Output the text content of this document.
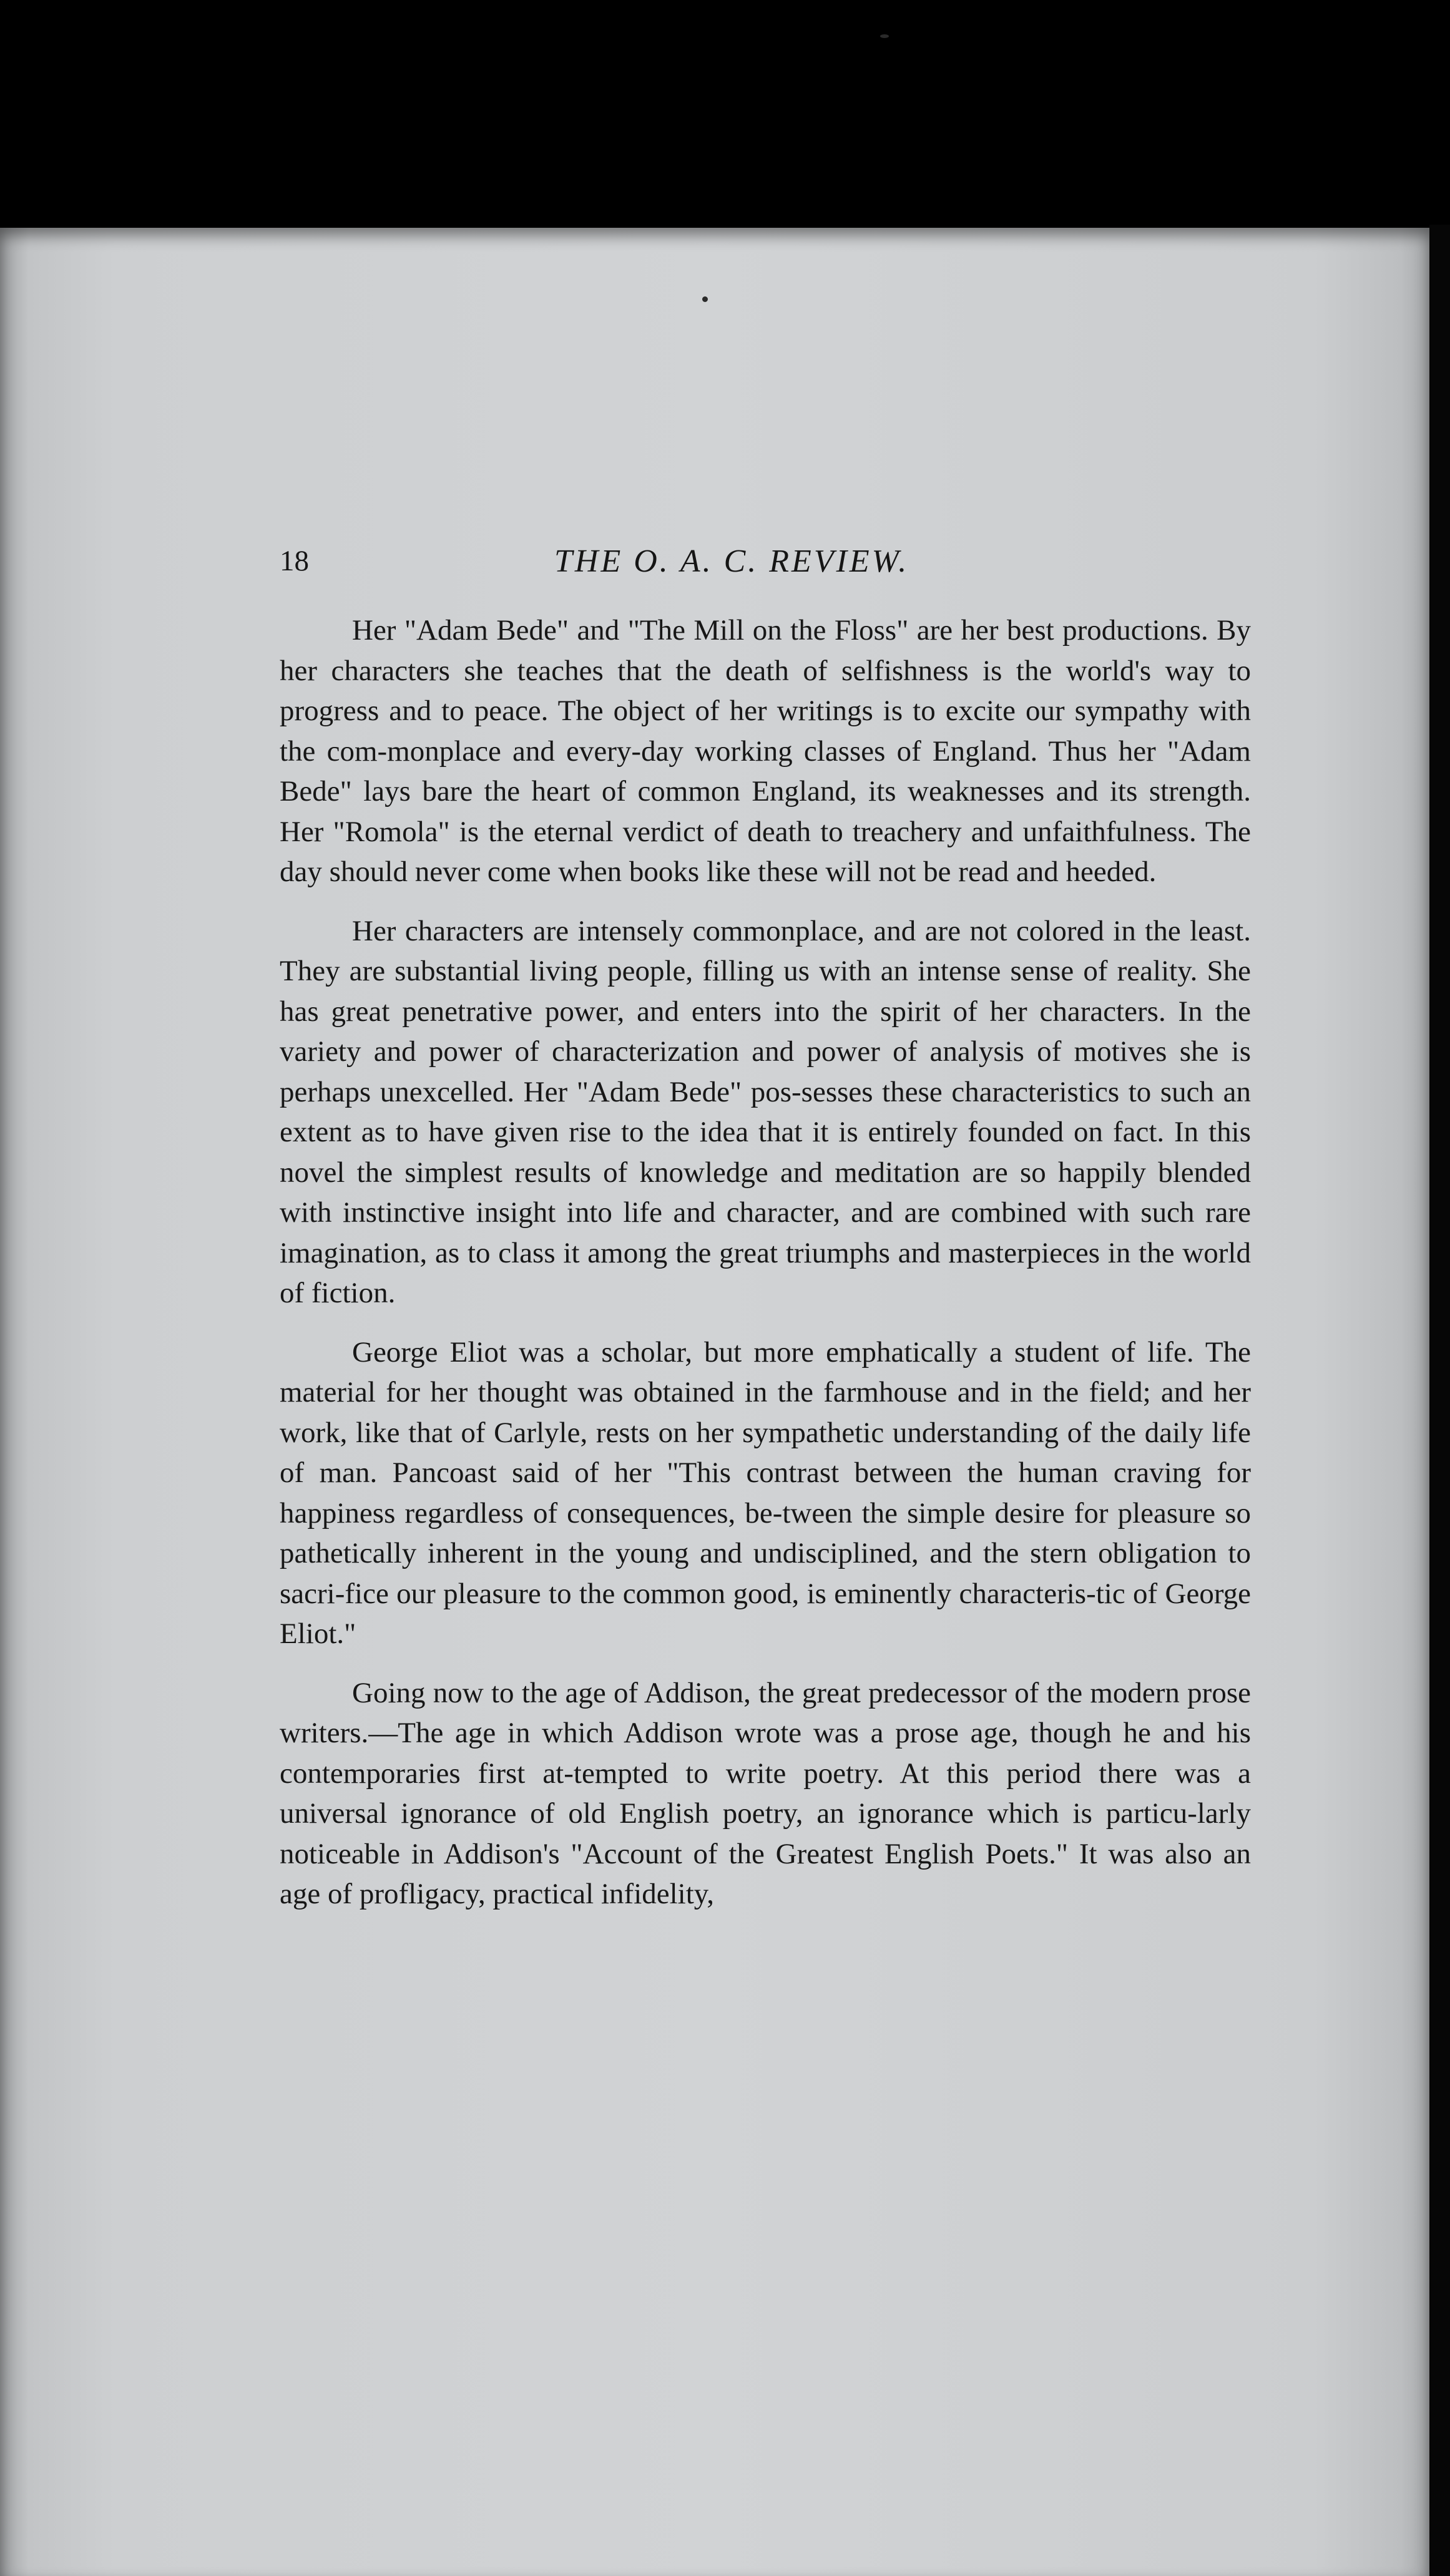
18	THE O. A. C. REVIEW.

Her "Adam Bede" and "The Mill on the Floss" are her best productions. By her characters she teaches that the death of selfishness is the world's way to progress and to peace. The object of her writings is to excite our sympathy with the com-monplace and every-day working classes of England. Thus her "Adam Bede" lays bare the heart of common England, its weaknesses and its strength. Her "Romola" is the eternal verdict of death to treachery and unfaithfulness. The day should never come when books like these will not be read and heeded.

Her characters are intensely commonplace, and are not colored in the least. They are substantial living people, filling us with an intense sense of reality. She has great penetrative power, and enters into the spirit of her characters. In the variety and power of characterization and power of analysis of motives she is perhaps unexcelled. Her "Adam Bede" pos-sesses these characteristics to such an extent as to have given rise to the idea that it is entirely founded on fact. In this novel the simplest results of knowledge and meditation are so happily blended with instinctive insight into life and character, and are combined with such rare imagination, as to class it among the great triumphs and masterpieces in the world of fiction.

George Eliot was a scholar, but more emphatically a student of life. The material for her thought was obtained in the farmhouse and in the field; and her work, like that of Carlyle, rests on her sympathetic understanding of the daily life of man. Pancoast said of her "This contrast between the human craving for happiness regardless of consequences, be-tween the simple desire for pleasure so pathetically inherent in the young and undisciplined, and the stern obligation to sacri-fice our pleasure to the common good, is eminently characteris-tic of George Eliot."

Going now to the age of Addison, the great predecessor of the modern prose writers.—The age in which Addison wrote was a prose age, though he and his contemporaries first at-tempted to write poetry. At this period there was a universal ignorance of old English poetry, an ignorance which is particu-larly noticeable in Addison's "Account of the Greatest English Poets." It was also an age of profligacy, practical infidelity,
